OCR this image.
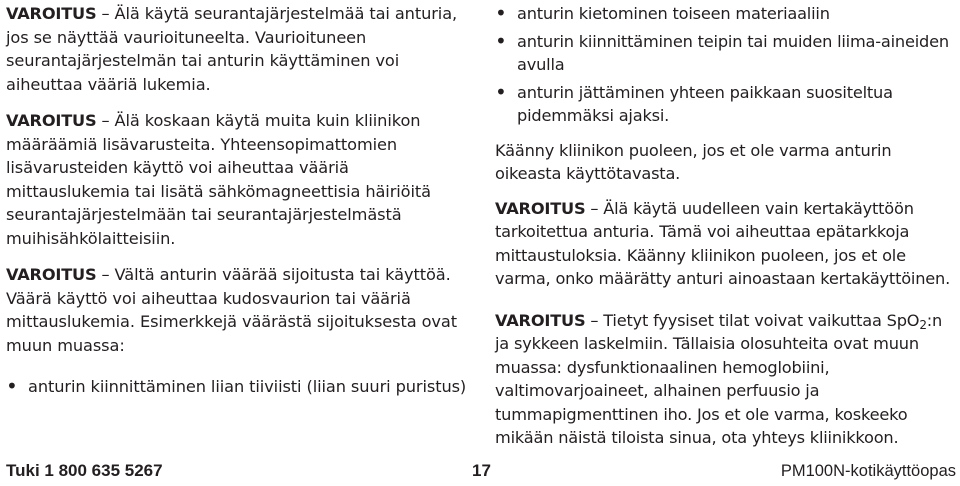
VAROITUS – Älä käytä seurantajärjestelmää tai anturia, jos se näyttää vaurioituneelta. Vaurioituneen seurantajärjestelmän tai anturin käyttäminen voi aiheuttaa vääriä lukemia.

VAROITUS – Älä koskaan käytä muita kuin kliinikon määräämiä lisävarusteita. Yhteensopimattomien lisävarusteiden käyttö voi aiheuttaa vääriä mittauslukemia tai lisätä sähkömagneettisia häiriöitä seurantajärjestelmään tai seurantajärjestelmästä muihisähkölaitteisiin.

VAROITUS – Vältä anturin väärää sijoitusta tai käyttöä. Väärä käyttö voi aiheuttaa kudosvaurion tai vääriä mittauslukemia. Esimerkkejä väärästä sijoituksesta ovat muun muassa:

•
anturin kiinnittäminen liian tiiviisti (liian suuri puristus)
•
anturin kietominen toiseen materiaaliin
•
anturin kiinnittäminen teipin tai muiden liima-aineiden avulla
•
anturin jättäminen yhteen paikkaan suositeltua pidemmäksi ajaksi.

Käänny kliinikon puoleen, jos et ole varma anturin oikeasta käyttötavasta.

VAROITUS – Älä käytä uudelleen vain kertakäyttöön tarkoitettua anturia. Tämä voi aiheuttaa epätarkkoja mittaustuloksia. Käänny kliinikon puoleen, jos et ole varma, onko määrätty anturi ainoastaan kertakäyttöinen.

VAROITUS – Tietyt fyysiset tilat voivat vaikuttaa SpO$_2$:n ja sykkeen laskelmiin. Tällaisia olosuhteita ovat muun muassa: dysfunktionaalinen hemoglobiini, valtimovarjoaineet, alhainen perfuusio ja tummapigmenttinen iho. Jos et ole varma, koskeeko mikään näistä tiloista sinua, ota yhteys kliinikkoon.

Tuki 1 800 635 5267	17	PM100N-kotikäyttöopas
